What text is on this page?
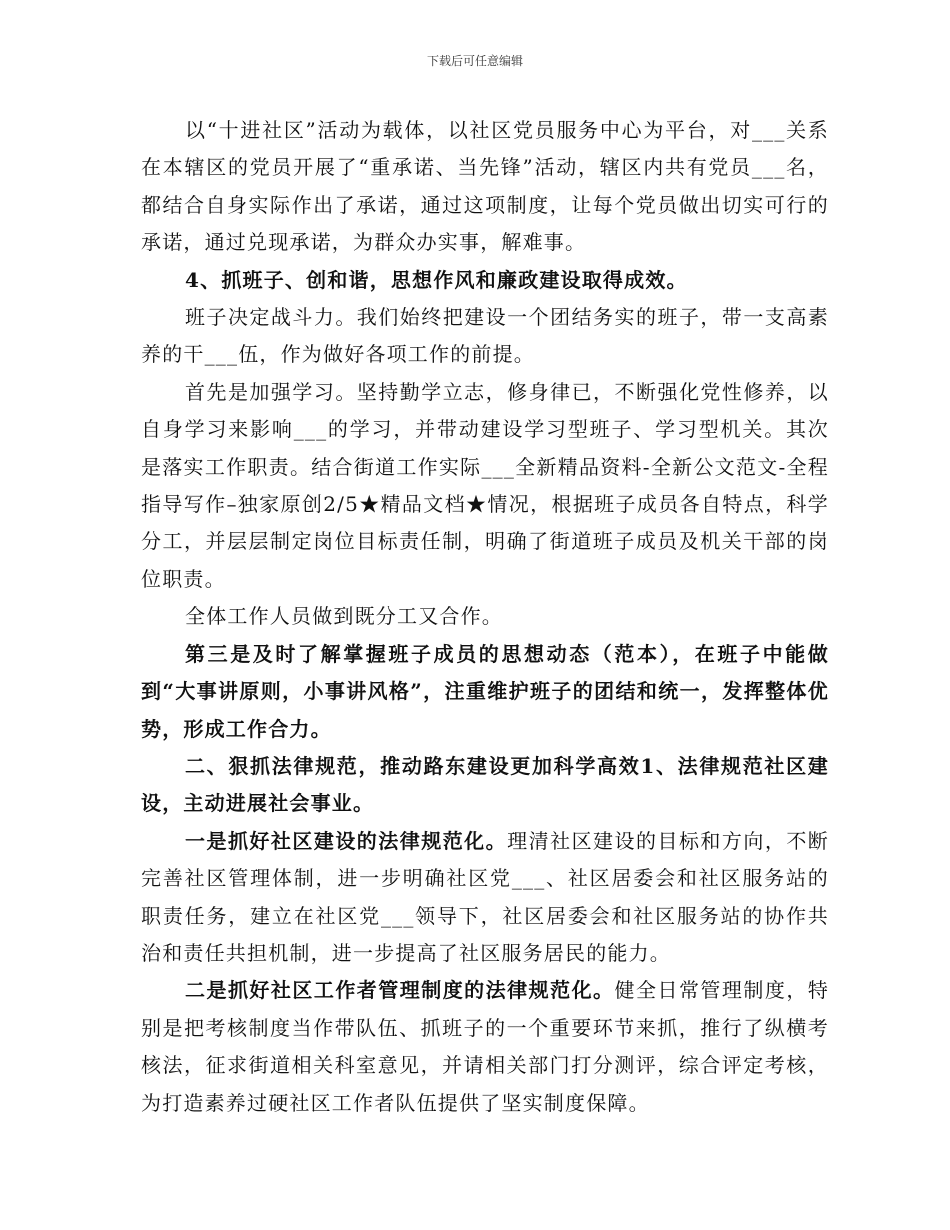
下载后可任意编辑

以“十进社区”活动为载体，以社区党员服务中心为平台，对___关系在本辖区的党员开展了“重承诺、当先锋”活动，辖区内共有党员___名，都结合自身实际作出了承诺，通过这项制度，让每个党员做出切实可行的承诺，通过兑现承诺，为群众办实事，解难事。

4、抓班子、创和谐，思想作风和廉政建设取得成效。

班子决定战斗力。我们始终把建设一个团结务实的班子，带一支高素养的干___伍，作为做好各项工作的前提。

首先是加强学习。坚持勤学立志，修身律已，不断强化党性修养，以自身学习来影响___的学习，并带动建设学习型班子、学习型机关。其次是落实工作职责。结合街道工作实际___全新精品资料-全新公文范文-全程指导写作–独家原创2/5★精品文档★情况，根据班子成员各自特点，科学分工，并层层制定岗位目标责任制，明确了街道班子成员及机关干部的岗位职责。

全体工作人员做到既分工又合作。

第三是及时了解掌握班子成员的思想动态（范本），在班子中能做到“大事讲原则，小事讲风格”，注重维护班子的团结和统一，发挥整体优势，形成工作合力。

二、狠抓法律规范，推动路东建设更加科学高效1、法律规范社区建设，主动进展社会事业。

一是抓好社区建设的法律规范化。理清社区建设的目标和方向，不断完善社区管理体制，进一步明确社区党___、社区居委会和社区服务站的职责任务，建立在社区党___领导下，社区居委会和社区服务站的协作共治和责任共担机制，进一步提高了社区服务居民的能力。

二是抓好社区工作者管理制度的法律规范化。健全日常管理制度，特别是把考核制度当作带队伍、抓班子的一个重要环节来抓，推行了纵横考核法，征求街道相关科室意见，并请相关部门打分测评，综合评定考核，为打造素养过硬社区工作者队伍提供了坚实制度保障。
